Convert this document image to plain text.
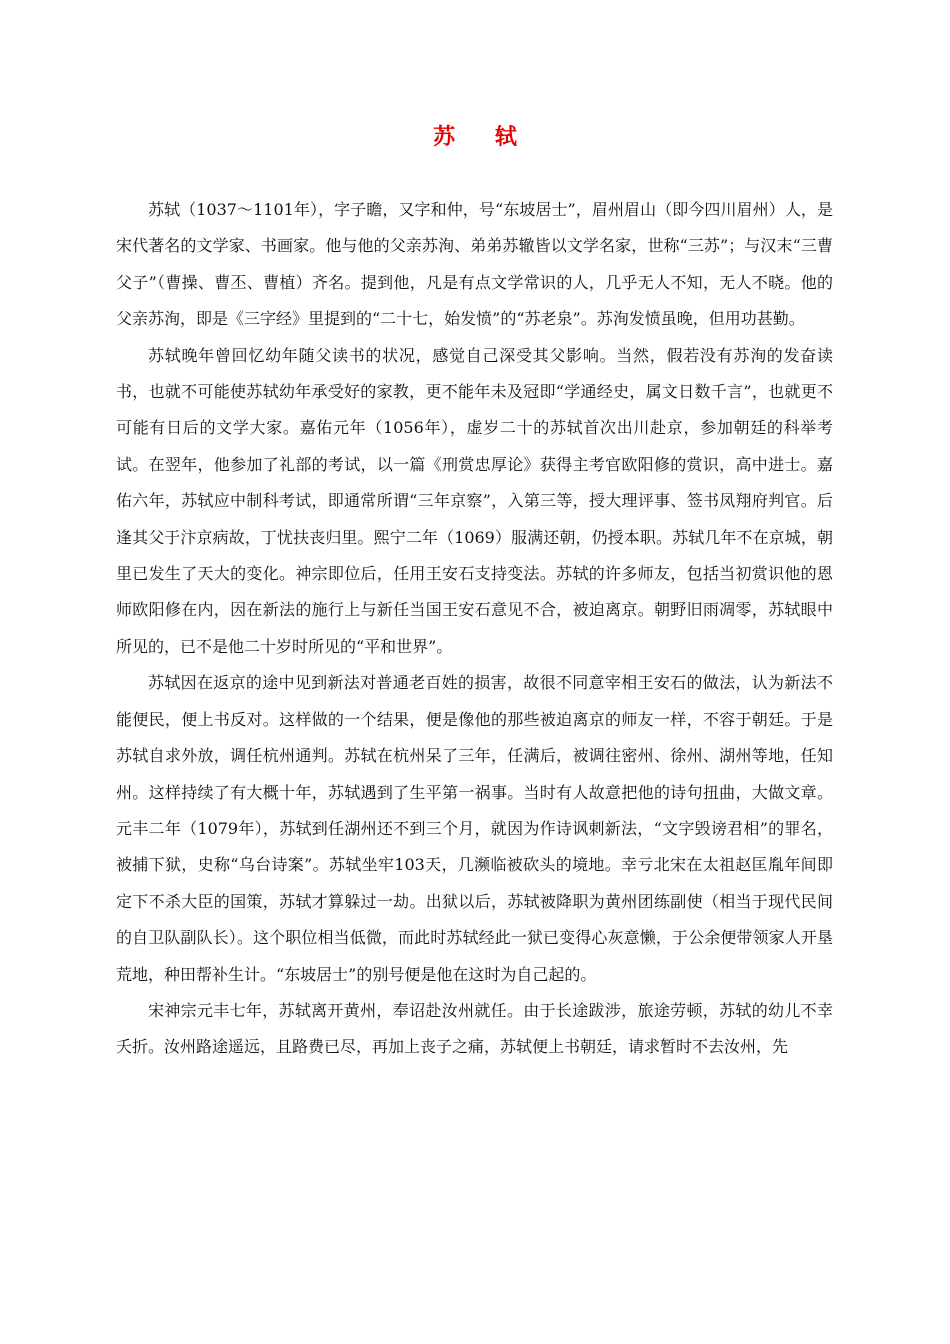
苏 轼

苏轼（1037～1101年），字子瞻，又字和仲，号“东坡居士”，眉州眉山（即今四川眉州）人，是宋代著名的文学家、书画家。他与他的父亲苏洵、弟弟苏辙皆以文学名家，世称“三苏”；与汉末“三曹父子”（曹操、曹丕、曹植）齐名。提到他，凡是有点文学常识的人，几乎无人不知，无人不晓。他的父亲苏洵，即是《三字经》里提到的“二十七，始发愤”的“苏老泉”。苏洵发愤虽晚，但用功甚勤。

苏轼晚年曾回忆幼年随父读书的状况，感觉自己深受其父影响。当然，假若没有苏洵的发奋读书，也就不可能使苏轼幼年承受好的家教，更不能年未及冠即“学通经史，属文日数千言”，也就更不可能有日后的文学大家。嘉佑元年（1056年），虚岁二十的苏轼首次出川赴京，参加朝廷的科举考试。在翌年，他参加了礼部的考试，以一篇《刑赏忠厚论》获得主考官欧阳修的赏识，高中进士。嘉佑六年，苏轼应中制科考试，即通常所谓“三年京察”，入第三等，授大理评事、签书凤翔府判官。后逢其父于汴京病故，丁忧扶丧归里。熙宁二年（1069）服满还朝，仍授本职。苏轼几年不在京城，朝里已发生了天大的变化。神宗即位后，任用王安石支持变法。苏轼的许多师友，包括当初赏识他的恩师欧阳修在内，因在新法的施行上与新任当国王安石意见不合，被迫离京。朝野旧雨凋零，苏轼眼中所见的，已不是他二十岁时所见的“平和世界”。

苏轼因在返京的途中见到新法对普通老百姓的损害，故很不同意宰相王安石的做法，认为新法不能便民，便上书反对。这样做的一个结果，便是像他的那些被迫离京的师友一样，不容于朝廷。于是苏轼自求外放，调任杭州通判。苏轼在杭州呆了三年，任满后，被调往密州、徐州、湖州等地，任知州。这样持续了有大概十年，苏轼遇到了生平第一祸事。当时有人故意把他的诗句扭曲，大做文章。元丰二年（1079年），苏轼到任湖州还不到三个月，就因为作诗讽刺新法，“文字毁谤君相”的罪名，被捕下狱，史称“乌台诗案”。苏轼坐牢103天，几濒临被砍头的境地。幸亏北宋在太祖赵匡胤年间即定下不杀大臣的国策，苏轼才算躲过一劫。出狱以后，苏轼被降职为黄州团练副使（相当于现代民间的自卫队副队长）。这个职位相当低微，而此时苏轼经此一狱已变得心灰意懒，于公余便带领家人开垦荒地，种田帮补生计。“东坡居士”的别号便是他在这时为自己起的。

宋神宗元丰七年，苏轼离开黄州，奉诏赴汝州就任。由于长途跋涉，旅途劳顿，苏轼的幼儿不幸夭折。汝州路途遥远，且路费已尽，再加上丧子之痛，苏轼便上书朝廷，请求暂时不去汝州，先
